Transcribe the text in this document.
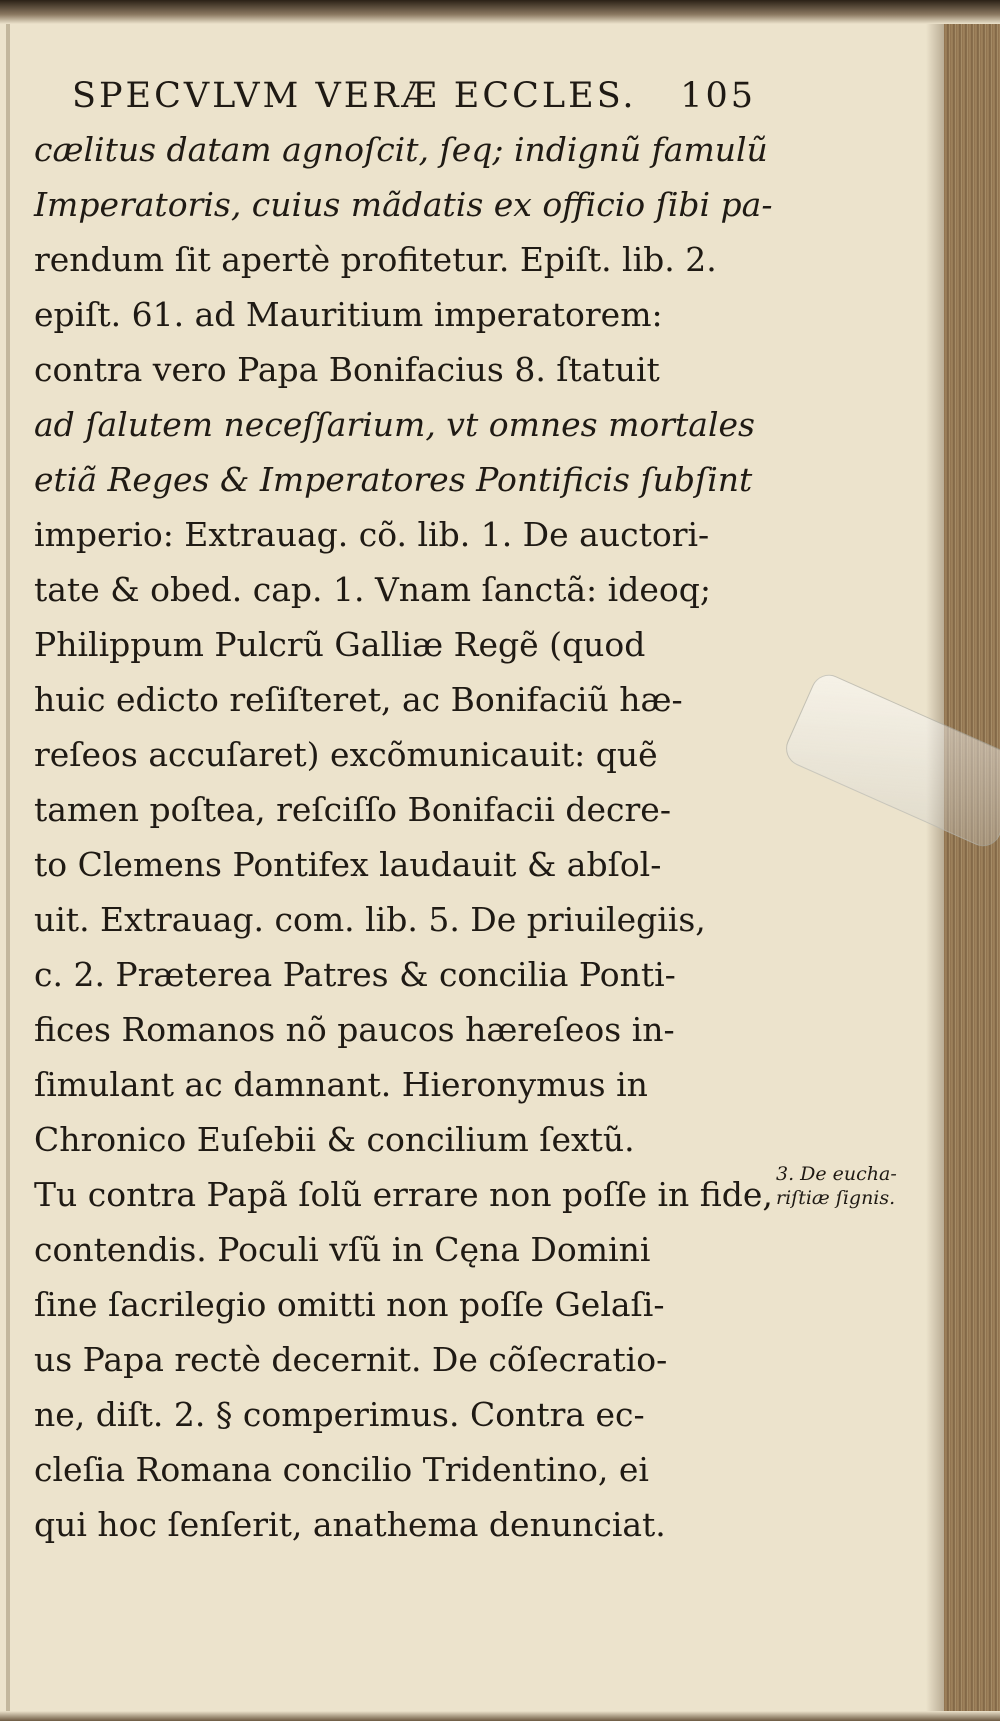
SPECVLVM VERÆ ECCLES. 105
cælitus datam agnoſcit, ſeq; indignũ famulũ
Imperatoris, cuius mãdatis ex officio ſibi pa-
rendum ſit apertè profitetur. Epiſt. lib. 2.
epiſt. 61. ad Mauritium imperatorem:
contra vero Papa Bonifacius 8. ſtatuit
ad ſalutem neceſſarium, vt omnes mortales
etiã Reges & Imperatores Pontificis ſubſint
imperio: Extrauag. cõ. lib. 1. De auctori-
tate & obed. cap. 1. Vnam ſanctã: ideoq;
Philippum Pulcrũ Galliæ Regẽ (quod
huic edicto reſiſteret, ac Bonifaciũ hæ-
reſeos accuſaret) excõmunicauit: quẽ
tamen poſtea, reſciſſo Bonifacii decre-
to Clemens Pontifex laudauit & abſol-
uit. Extrauag. com. lib. 5. De priuilegiis,
c. 2. Præterea Patres & concilia Ponti-
fices Romanos nõ paucos hæreſeos in-
ſimulant ac damnant. Hieronymus in
Chronico Euſebii & concilium ſextũ.
Tu contra Papã ſolũ errare non poſſe in fide,
contendis. Poculi vſũ in Cęna Domini
ſine ſacrilegio omitti non poſſe Gelaſi-
us Papa rectè decernit. De cõſecratio-
ne, diſt. 2. § comperimus. Contra ec-
cleſia Romana concilio Tridentino, ei
qui hoc ſenſerit, anathema denunciat.
3. De eucha-
riſtiæ ſignis.
